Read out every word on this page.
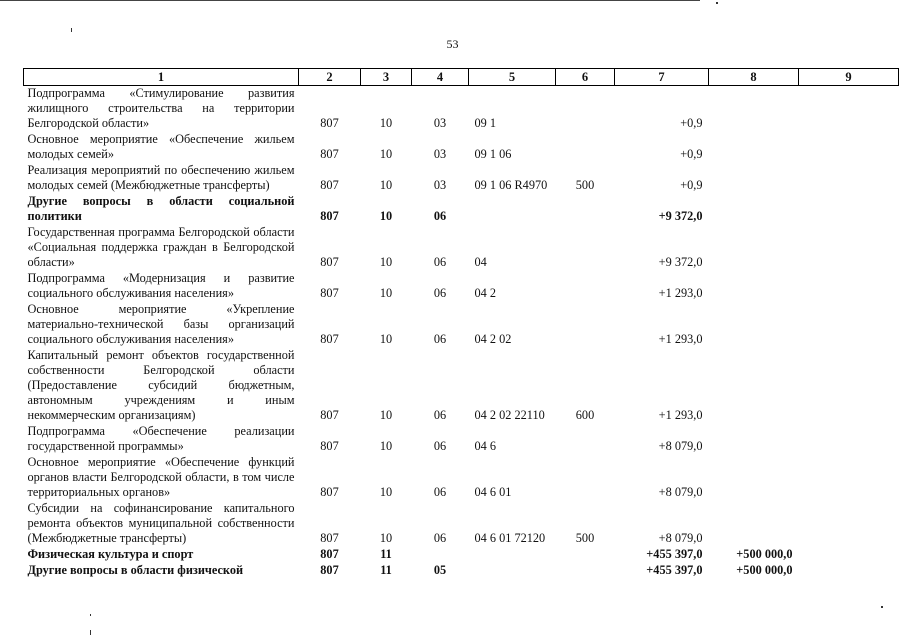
53
1	2	3	4	5	6	7	8	9
Подпрограмма «Стимулирование развития жилищного строительства на территории Белгородской области»	807	10	03	09 1		+0,9		
Основное мероприятие «Обеспечение жильем молодых семей»	807	10	03	09 1 06		+0,9		
Реализация мероприятий по обеспечению жильем молодых семей (Межбюджетные трансферты)	807	10	03	09 1 06 R4970	500	+0,9		
Другие вопросы в области социальной политики	807	10	06			+9 372,0		
Государственная программа Белгородской области «Социальная поддержка граждан в Белгородской области»	807	10	06	04		+9 372,0		
Подпрограмма «Модернизация и развитие социального обслуживания населения»	807	10	06	04 2		+1 293,0		
Основное мероприятие «Укрепление материально-технической базы организаций социального обслуживания населения»	807	10	06	04 2 02		+1 293,0		
Капитальный ремонт объектов государственной собственности Белгородской области (Предоставление субсидий бюджетным, автономным учреждениям и иным некоммерческим организациям)	807	10	06	04 2 02 22110	600	+1 293,0		
Подпрограмма «Обеспечение реализации государственной программы»	807	10	06	04 6		+8 079,0		
Основное мероприятие «Обеспечение функций органов власти Белгородской области, в том числе территориальных органов»	807	10	06	04 6 01		+8 079,0		
Субсидии на софинансирование капитального ремонта объектов муниципальной собственности (Межбюджетные трансферты)	807	10	06	04 6 01 72120	500	+8 079,0		
Физическая культура и спорт	807	11				+455 397,0	+500 000,0	
Другие вопросы в области физической	807	11	05			+455 397,0	+500 000,0	
